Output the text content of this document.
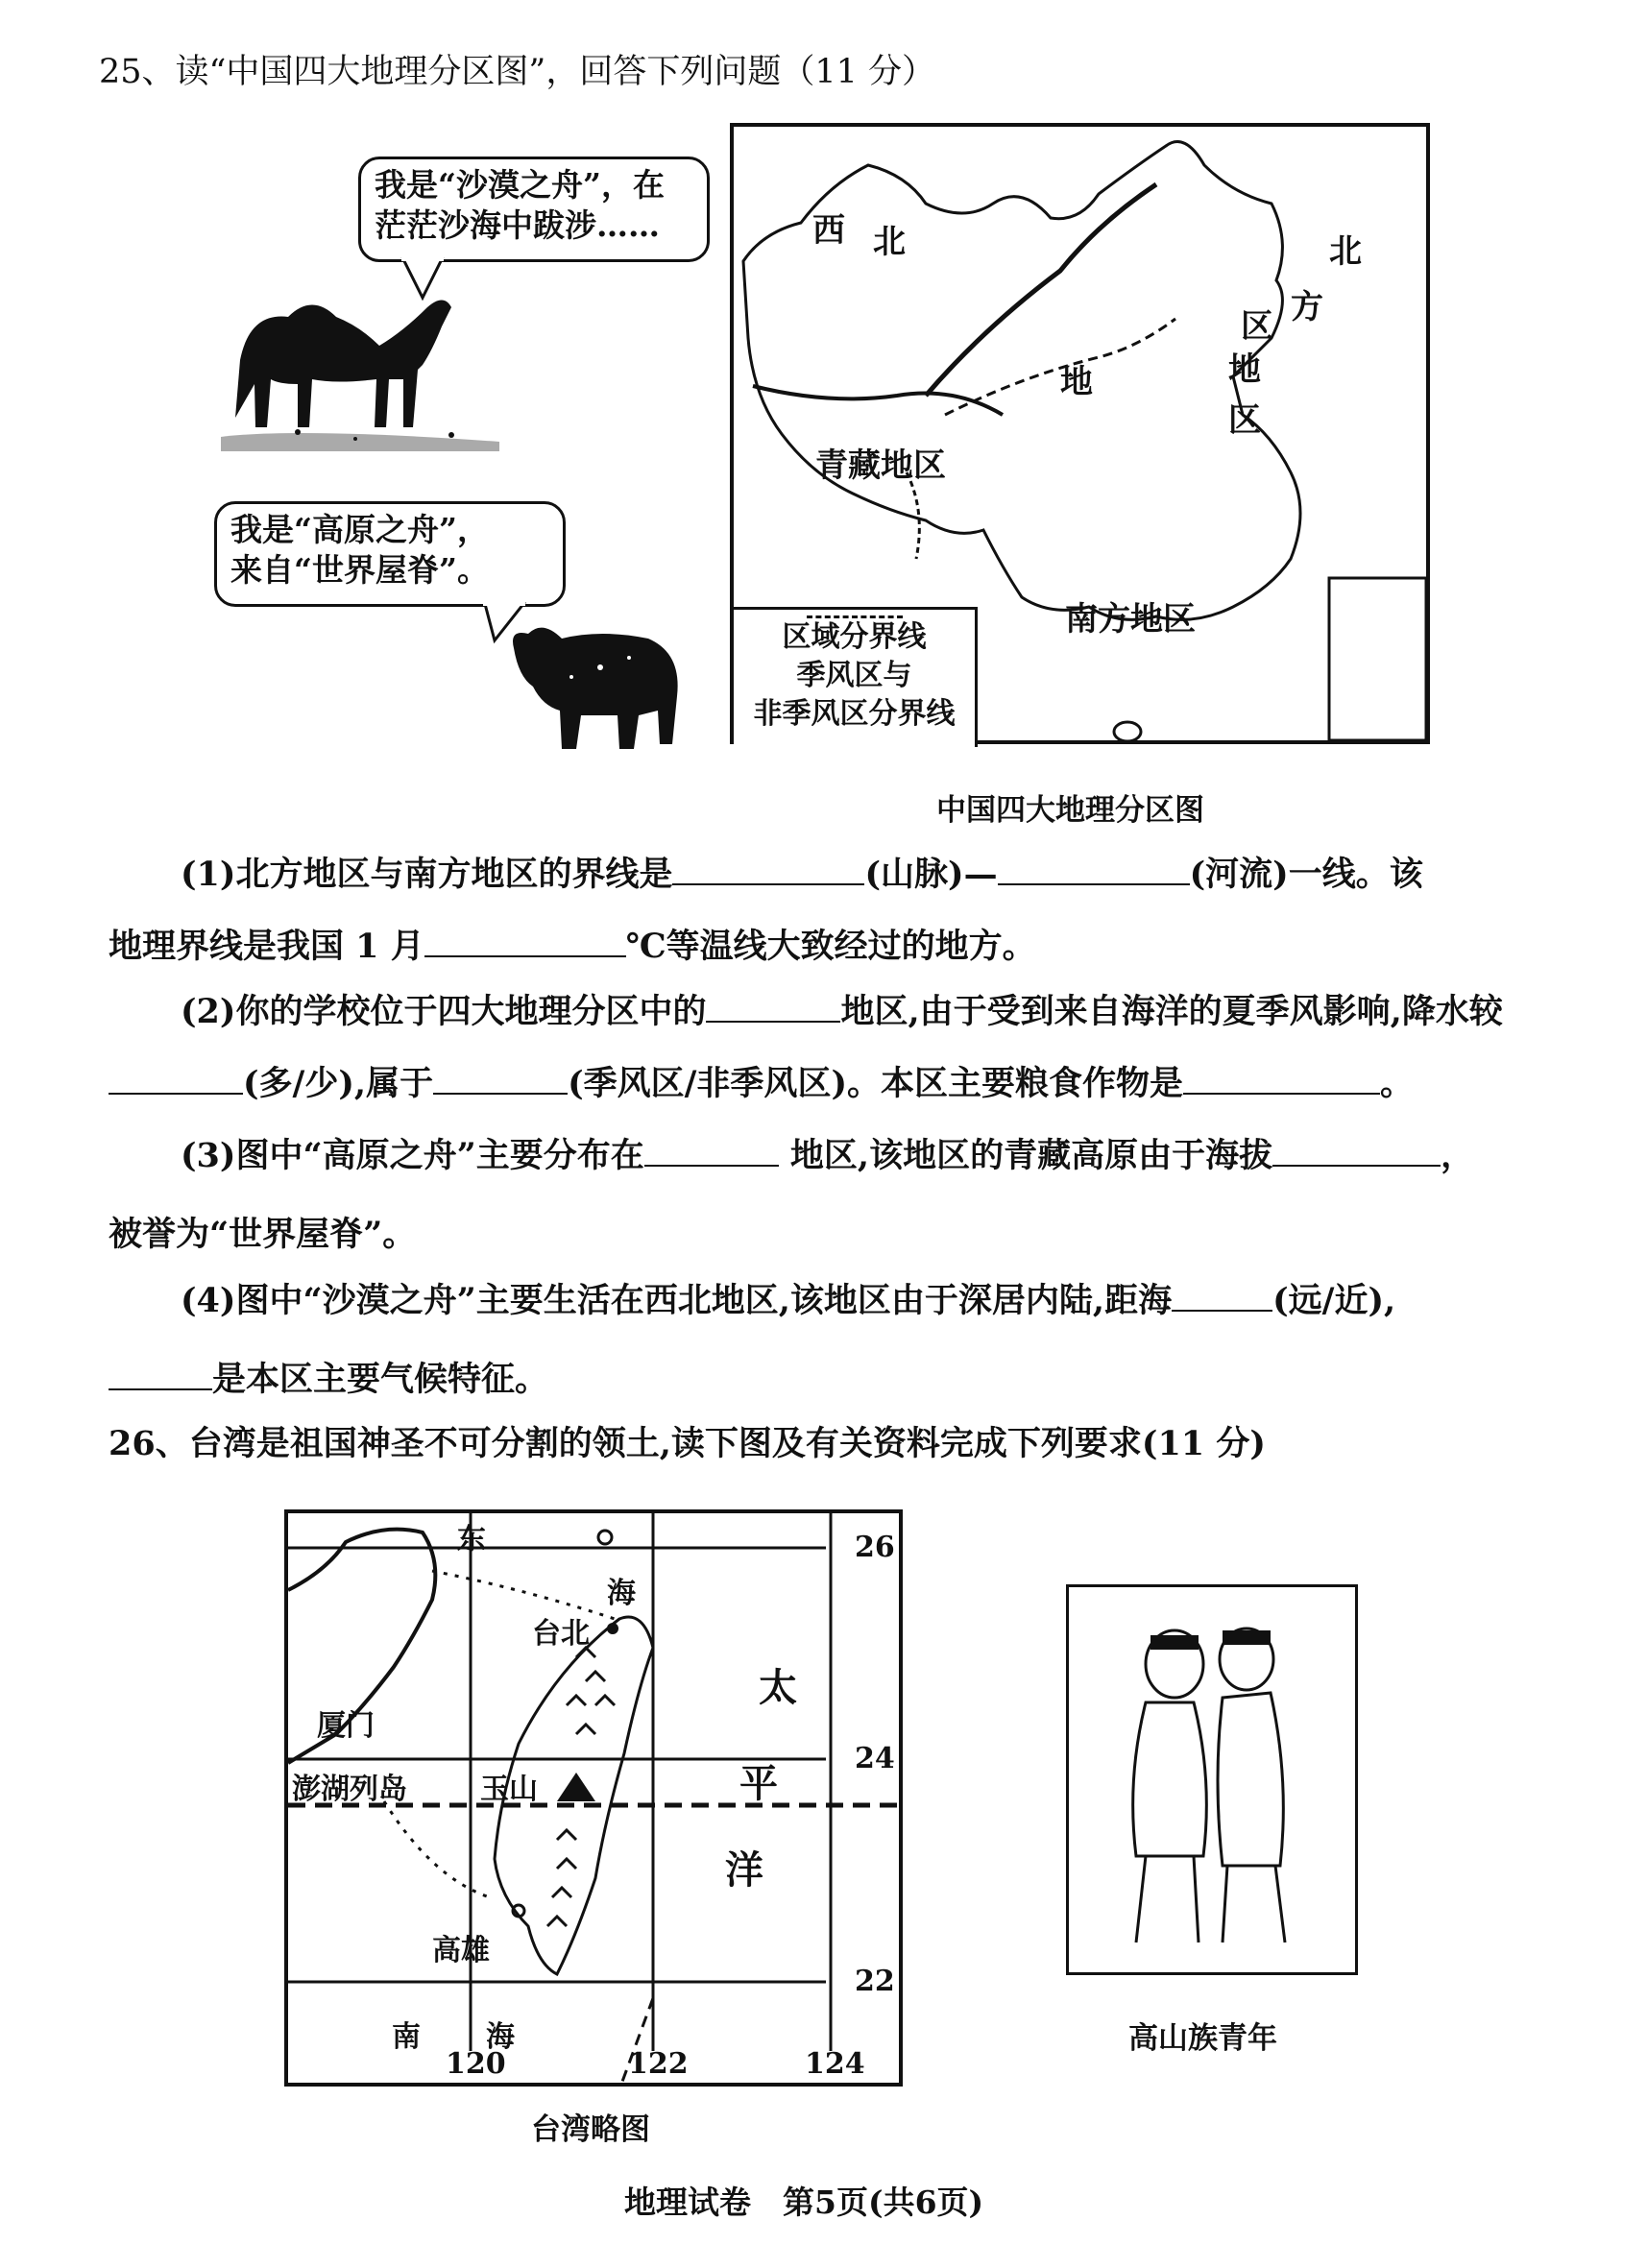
25、读“中国四大地理分区图”，回答下列问题（11 分）
我是“沙漠之舟”，在
茫茫沙海中跋涉……
我是“高原之舟”，
来自“世界屋脊”。
西 北
地
北
方
区
地
区
青藏地区
南方地区
区域分界线
季风区与
非季风区分界线
中国四大地理分区图
(1)北方地区与南方地区的界线是	(山脉)—	(河流)一线。该
地理界线是我国 1 月	℃等温线大致经过的地方。
(2)你的学校位于四大地理分区中的	地区,由于受到来自海洋的夏季风影响,降水较
(多/少),属于	(季风区/非季风区)。本区主要粮食作物是	。
(3)图中“高原之舟”主要分布在	地区,该地区的青藏高原由于海拔	，
被誉为“世界屋脊”。
(4)图中“沙漠之舟”主要生活在西北地区,该地区由于深居内陆,距海	(远/近),
是本区主要气候特征。
26、台湾是祖国神圣不可分割的领土,读下图及有关资料完成下列要求(11 分)
东
海
台北
厦门
澎湖列岛	玉山
高雄
太
平
洋
南 海
26
24
22
120	122	124
台湾略图
高山族青年
地理试卷　第5页(共6页)
